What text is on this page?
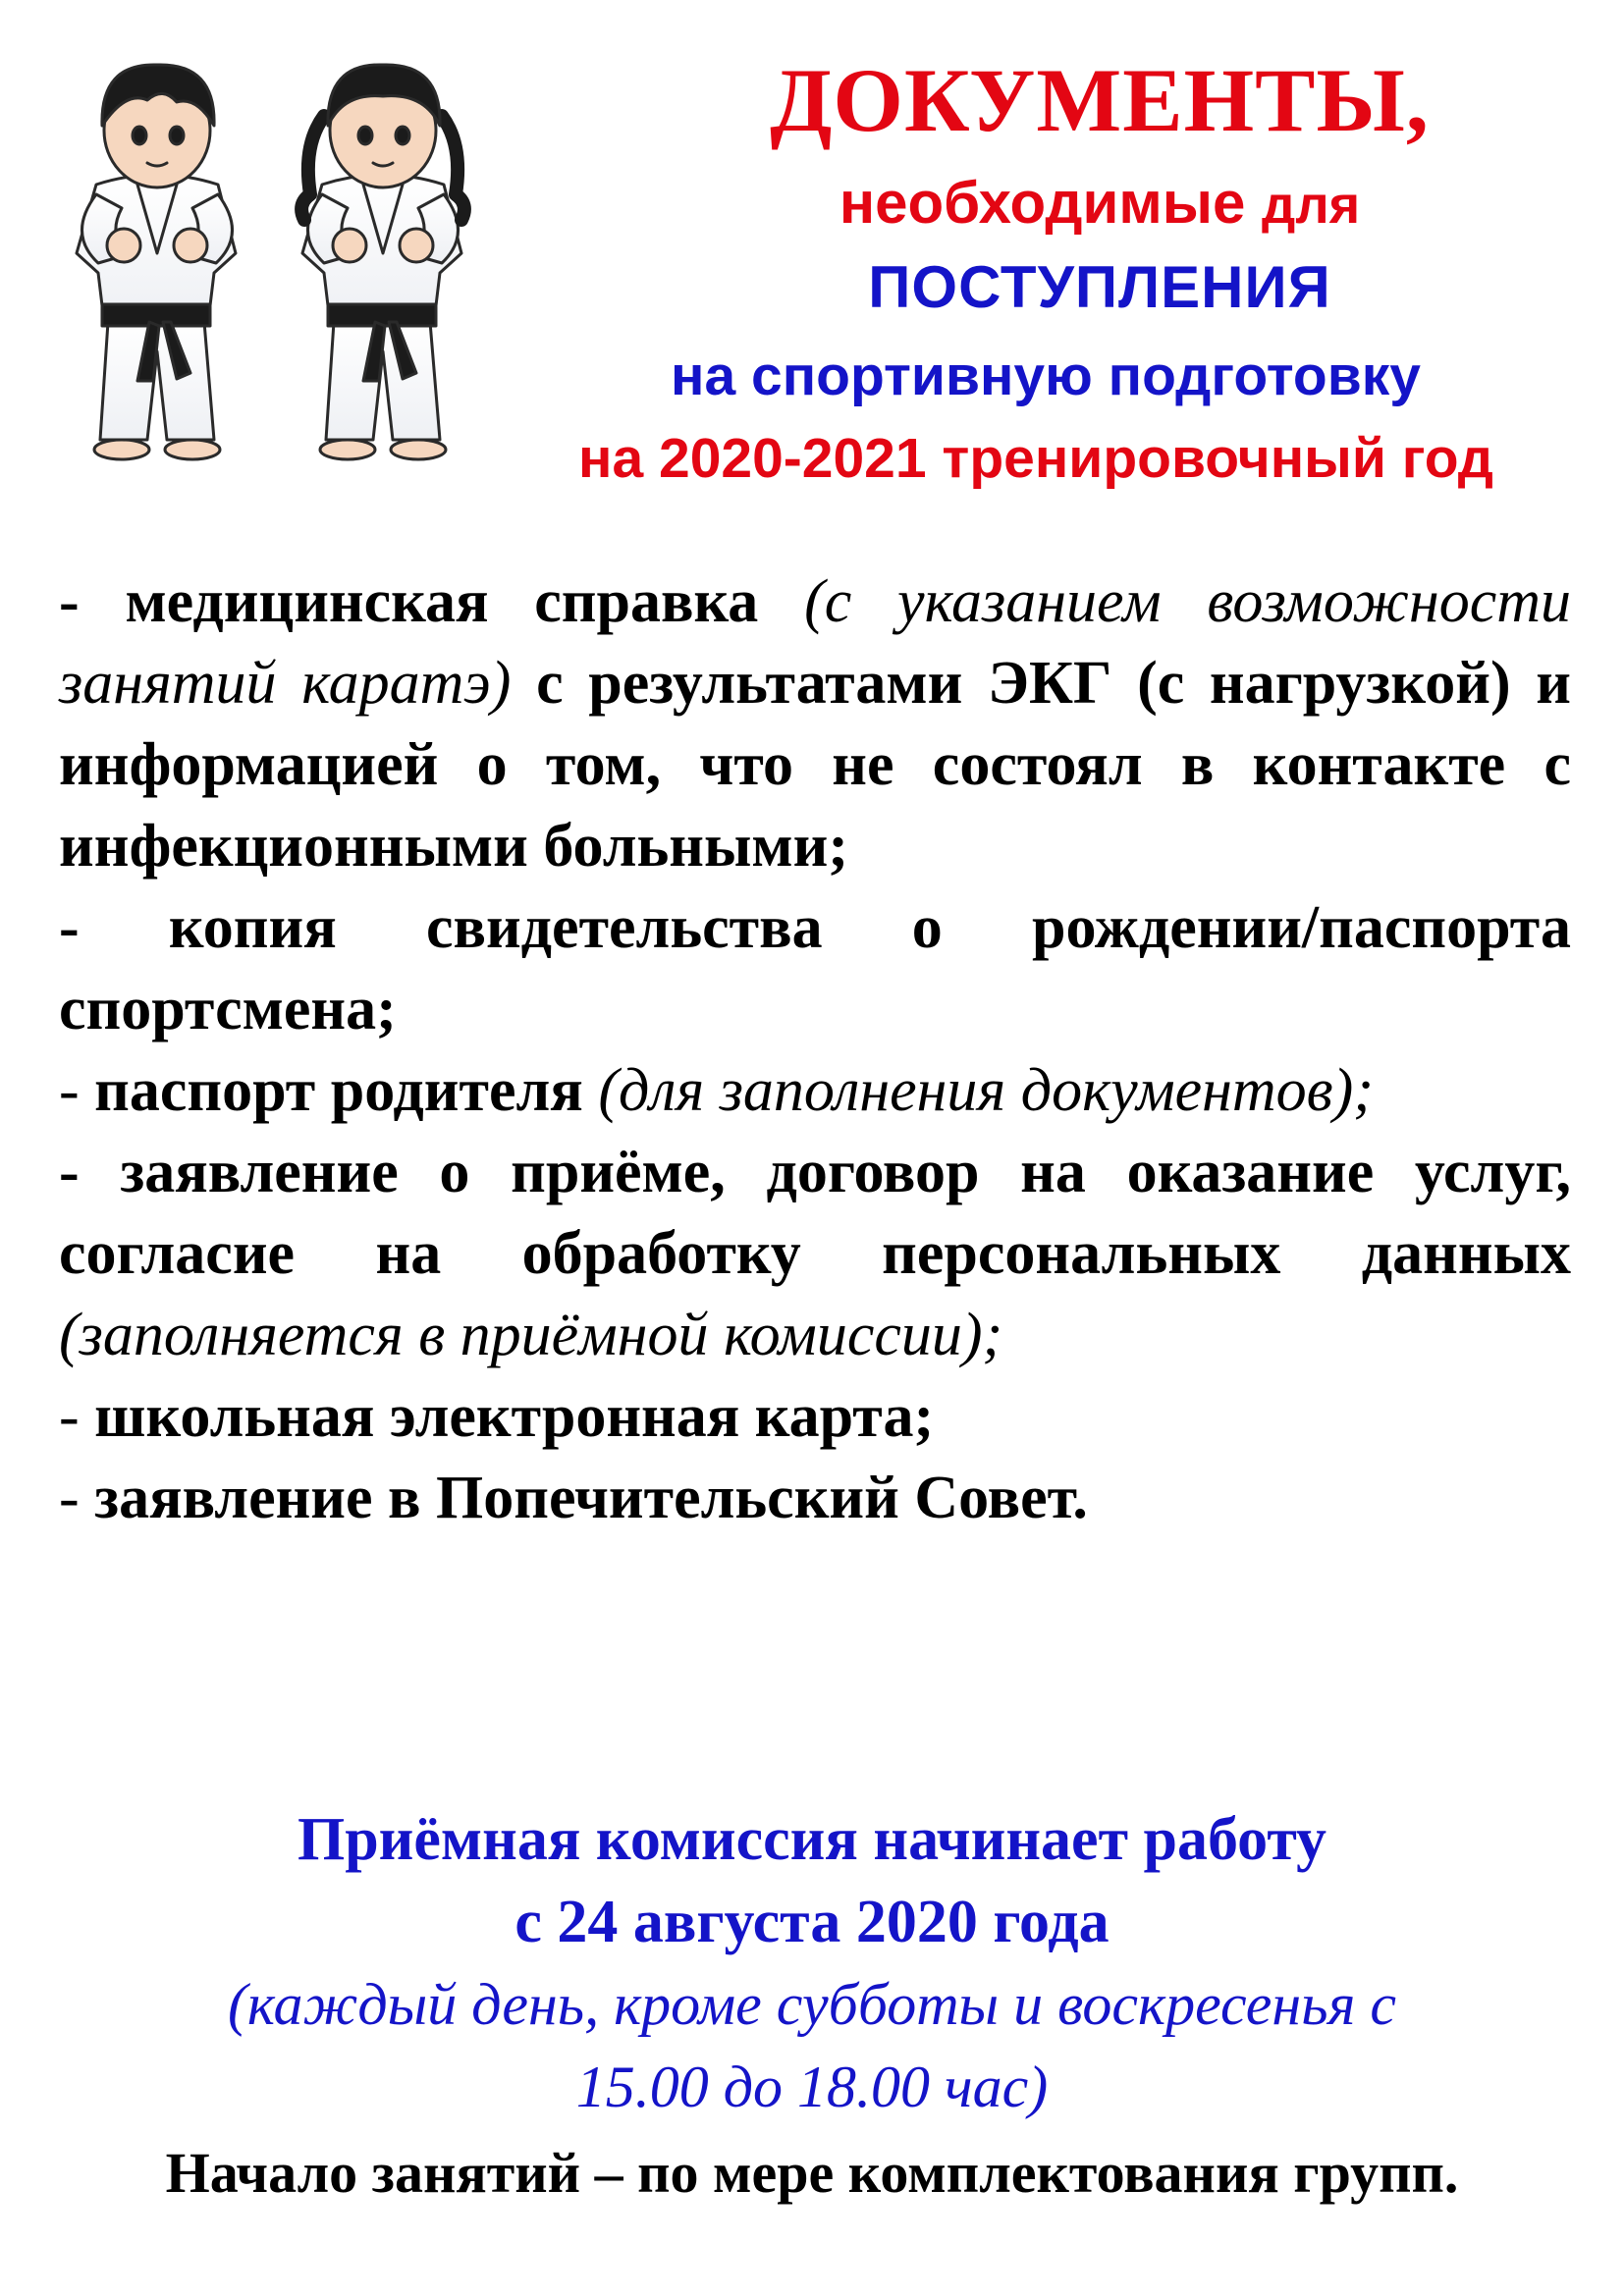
ДОКУМЕНТЫ,

необходимые для

ПОСТУПЛЕНИЯ

на спортивную подготовку

на 2020-2021 тренировочный год

- медицинская справка (с указанием возможности занятий каратэ) с результатами ЭКГ (с нагрузкой) и информацией о том, что не состоял в контакте с инфекционными больными;

- копия свидетельства о рождении/паспорта спортсмена;

- паспорт родителя (для заполнения документов);

- заявление о приёме, договор на оказание услуг, согласие на обработку персональных данных (заполняется в приёмной комиссии);

- школьная электронная карта;

- заявление в Попечительский Совет.

Приёмная комиссия начинает работу

с 24 августа 2020 года

(каждый день, кроме субботы и воскресенья с

15.00 до 18.00 час)

Начало занятий – по мере комплектования групп.
